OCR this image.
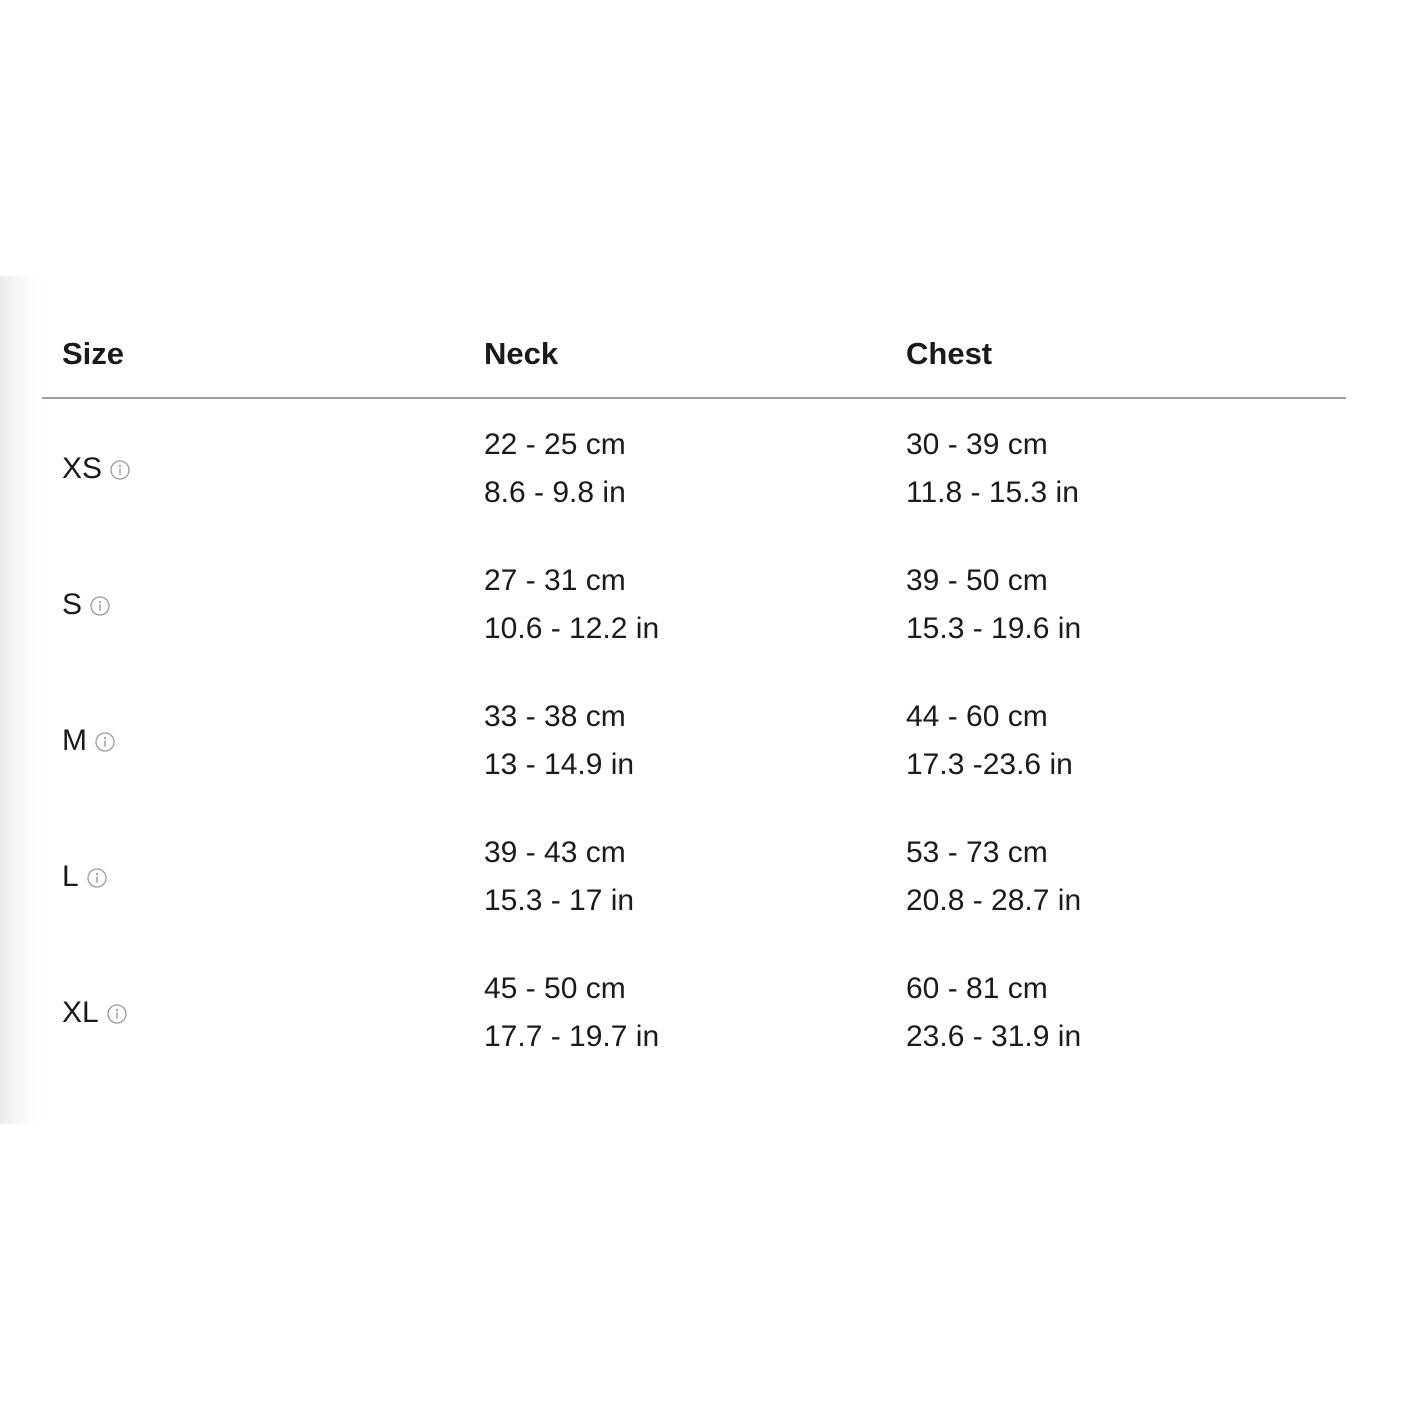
Size	Neck	Chest
XS
22 - 25 cm
8.6 - 9.8 in
30 - 39 cm
11.8 - 15.3 in
S
27 - 31 cm
10.6 - 12.2 in
39 - 50 cm
15.3 - 19.6 in
M
33 - 38 cm
13 - 14.9 in
44 - 60 cm
17.3 -23.6 in
L
39 - 43 cm
15.3 - 17 in
53 - 73 cm
20.8 - 28.7 in
XL
45 - 50 cm
17.7 - 19.7 in
60 - 81 cm
23.6 - 31.9 in
